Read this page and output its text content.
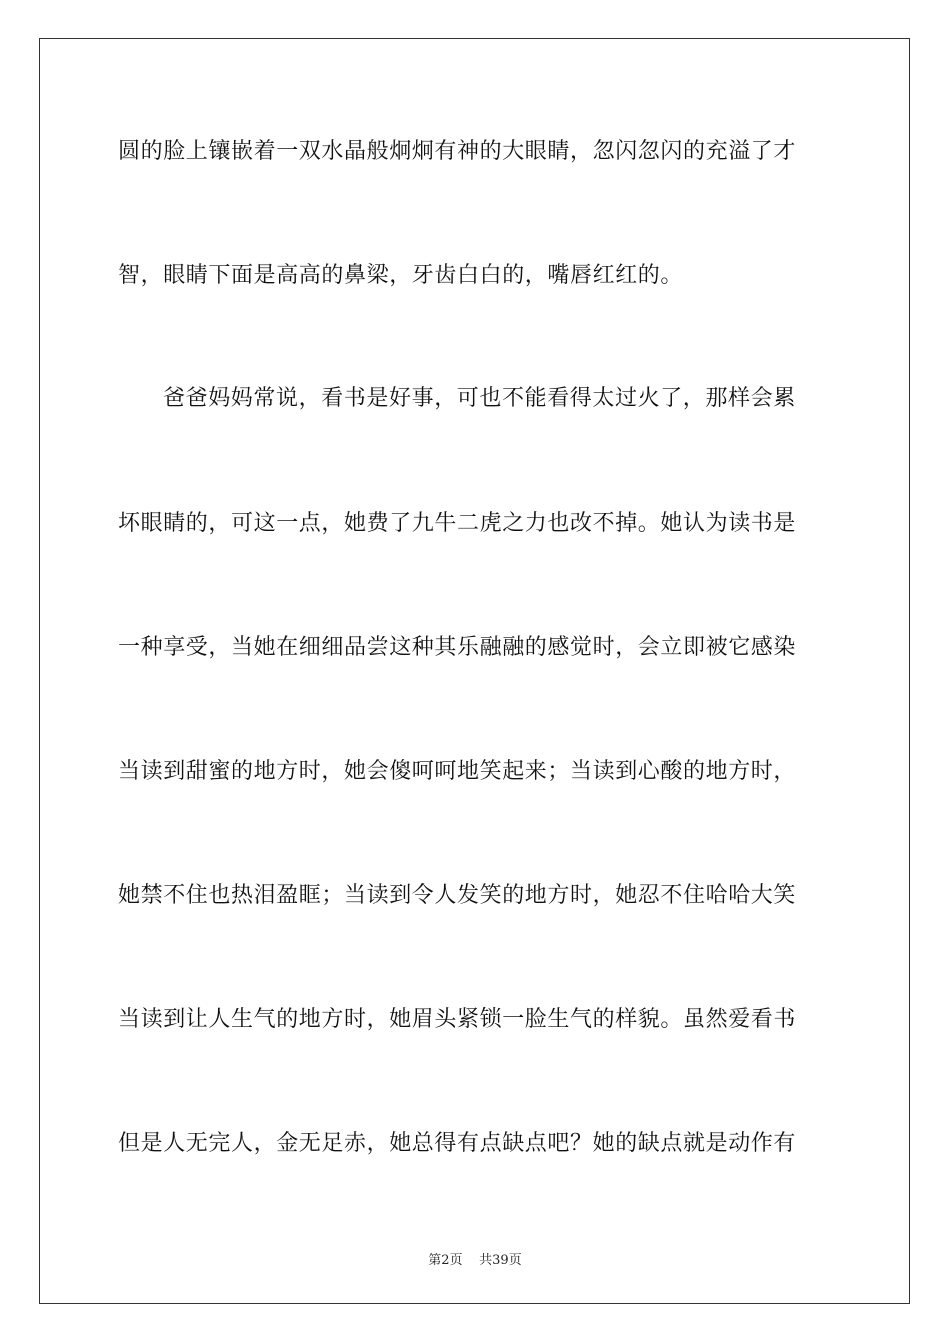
圆的脸上镶嵌着一双水晶般炯炯有神的大眼睛，忽闪忽闪的充溢了才
智，眼睛下面是高高的鼻梁，牙齿白白的，嘴唇红红的。
爸爸妈妈常说，看书是好事，可也不能看得太过火了，那样会累
坏眼睛的，可这一点，她费了九牛二虎之力也改不掉。她认为读书是
一种享受，当她在细细品尝这种其乐融融的感觉时，会立即被它感染
当读到甜蜜的地方时，她会傻呵呵地笑起来；当读到心酸的地方时，
她禁不住也热泪盈眶；当读到令人发笑的地方时，她忍不住哈哈大笑
当读到让人生气的地方时，她眉头紧锁一脸生气的样貌。虽然爱看书
但是人无完人，金无足赤，她总得有点缺点吧？她的缺点就是动作有
第2页 共39页
